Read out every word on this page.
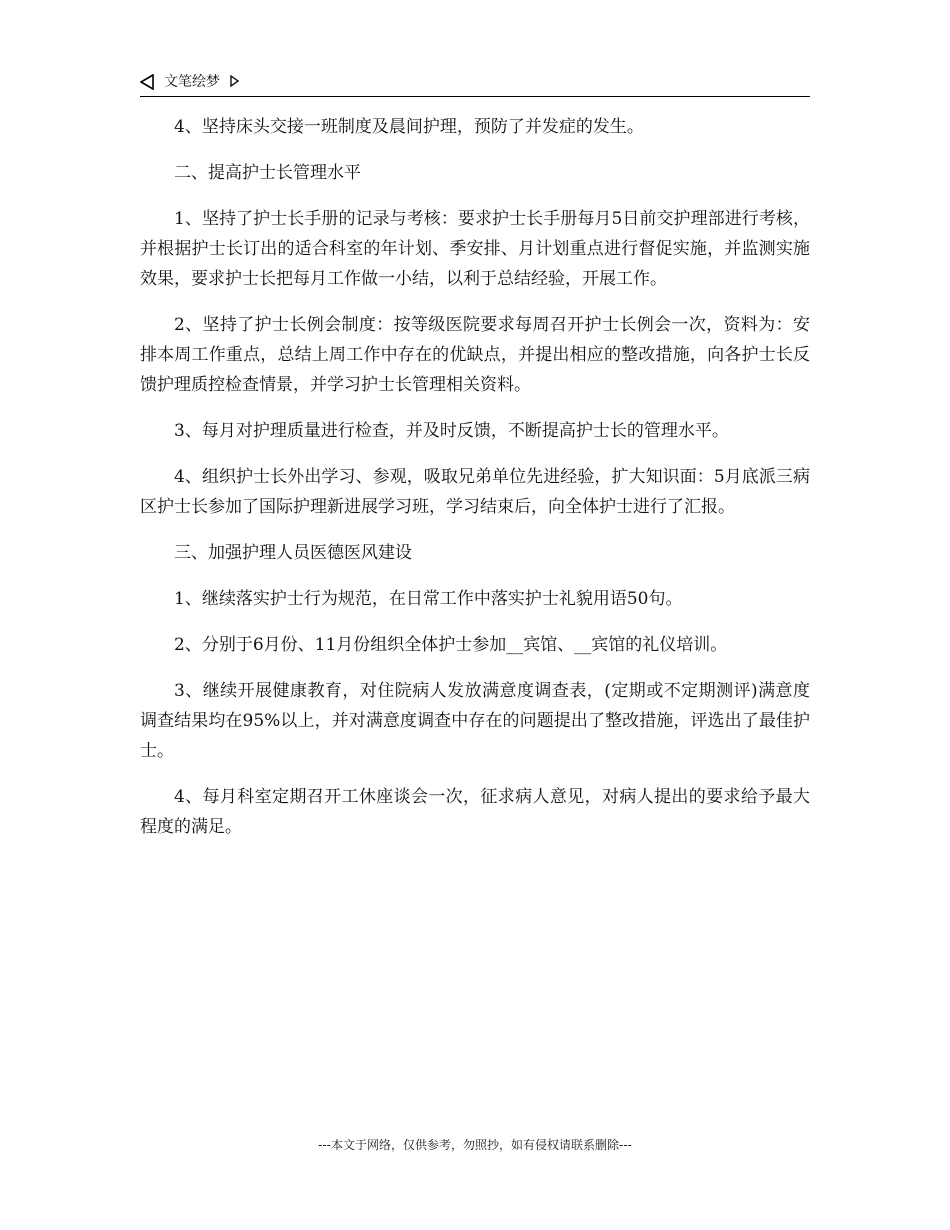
文笔绘梦

4、坚持床头交接一班制度及晨间护理，预防了并发症的发生。

二、提高护士长管理水平

1、坚持了护士长手册的记录与考核：要求护士长手册每月5日前交护理部进行考核，并根据护士长订出的适合科室的年计划、季安排、月计划重点进行督促实施，并监测实施效果，要求护士长把每月工作做一小结，以利于总结经验，开展工作。

2、坚持了护士长例会制度：按等级医院要求每周召开护士长例会一次，资料为：安排本周工作重点，总结上周工作中存在的优缺点，并提出相应的整改措施，向各护士长反馈护理质控检查情景，并学习护士长管理相关资料。

3、每月对护理质量进行检查，并及时反馈，不断提高护士长的管理水平。

4、组织护士长外出学习、参观，吸取兄弟单位先进经验，扩大知识面：5月底派三病区护士长参加了国际护理新进展学习班，学习结束后，向全体护士进行了汇报。

三、加强护理人员医德医风建设

1、继续落实护士行为规范，在日常工作中落实护士礼貌用语50句。

2、分别于6月份、11月份组织全体护士参加__宾馆、__宾馆的礼仪培训。

3、继续开展健康教育，对住院病人发放满意度调查表，(定期或不定期测评)满意度调查结果均在95%以上，并对满意度调查中存在的问题提出了整改措施，评选出了最佳护士。

4、每月科室定期召开工休座谈会一次，征求病人意见，对病人提出的要求给予最大程度的满足。

---本文于网络，仅供参考，勿照抄，如有侵权请联系删除---
